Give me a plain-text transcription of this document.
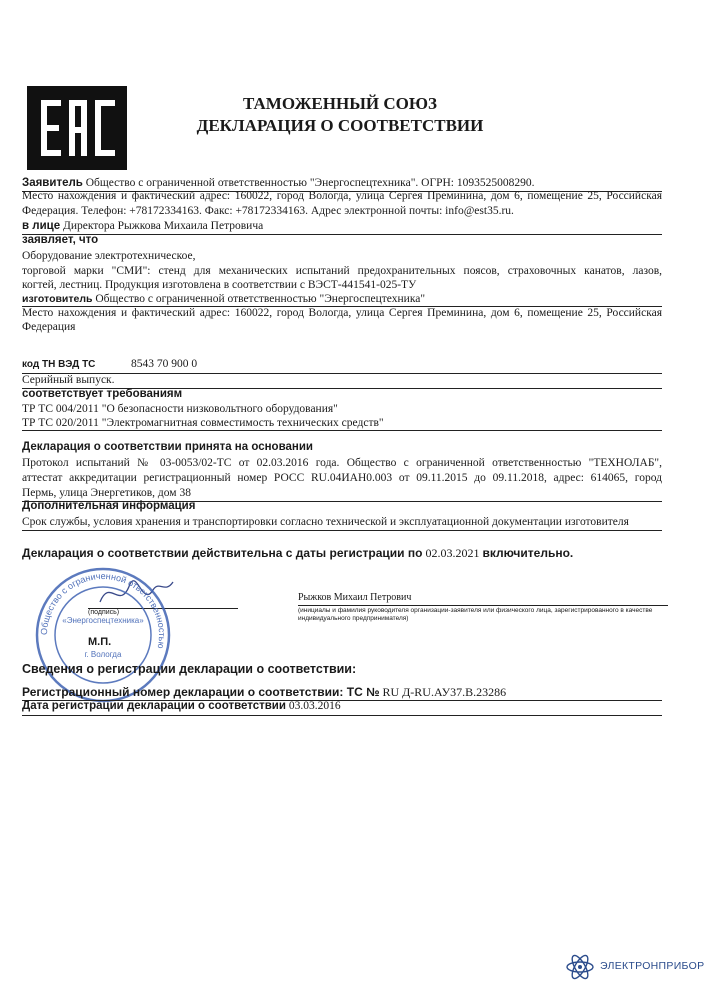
ТАМОЖЕННЫЙ СОЮЗ
ДЕКЛАРАЦИЯ О СООТВЕТСТВИИ
Заявитель Общество с ограниченной ответственностью "Энергоспецтехника". ОГРН: 1093525008290.
Место нахождения и фактический адрес: 160022, город Вологда, улица Сергея Преминина, дом 6, помещение 25, Российская
Федерация. Телефон: +78172334163. Факс: +78172334163. Адрес электронной почты: info@est35.ru.
в лице Директора Рыжкова Михаила Петровича
заявляет, что
Оборудование электротехническое,
торговой марки "СМИ": стенд для механических испытаний предохранительных поясов, страховочных канатов, лазов,
когтей, лестниц. Продукция изготовлена в соответствии с ВЭСТ-441541-025-ТУ
изготовитель Общество с ограниченной ответственностью "Энергоспецтехника"
Место нахождения и фактический адрес: 160022, город Вологда, улица Сергея Преминина, дом 6, помещение 25, Российская
Федерация
код ТН ВЭД ТС	8543 70 900 0
Серийный выпуск.
соответствует требованиям
ТР ТС 004/2011 "О безопасности низковольтного оборудования"
ТР ТС 020/2011 "Электромагнитная совместимость технических средств"
Декларация о соответствии принята на основании
Протокол испытаний № 03-0053/02-ТС от 02.03.2016 года. Общество с ограниченной ответственностью "ТЕХНОЛАБ",
аттестат аккредитации регистрационный номер РОСС RU.04ИАН0.003 от 09.11.2015 до 09.11.2018, адрес: 614065, город
Пермь, улица Энергетиков, дом 38
Дополнительная информация
Срок службы, условия хранения и транспортировки согласно технической и эксплуатационной документации изготовителя
Декларация о соответствии действительна с даты регистрации по 02.03.2021 включительно.
(подпись)
Рыжков Михаил Петрович
(инициалы и фамилия руководителя организации-заявителя или физического лица, зарегистрированного в качестве
индивидуального предпринимателя)
Общество с ограниченной ответственностью
«Энергоспецтехника»
г. Вологда
М.П.
Сведения о регистрации декларации о соответствии:
Регистрационный номер декларации о соответствии: ТС № RU Д-RU.АУ37.В.23286
Дата регистрации декларации о соответствии 03.03.2016
ЭЛЕКТРОНПРИБОР
